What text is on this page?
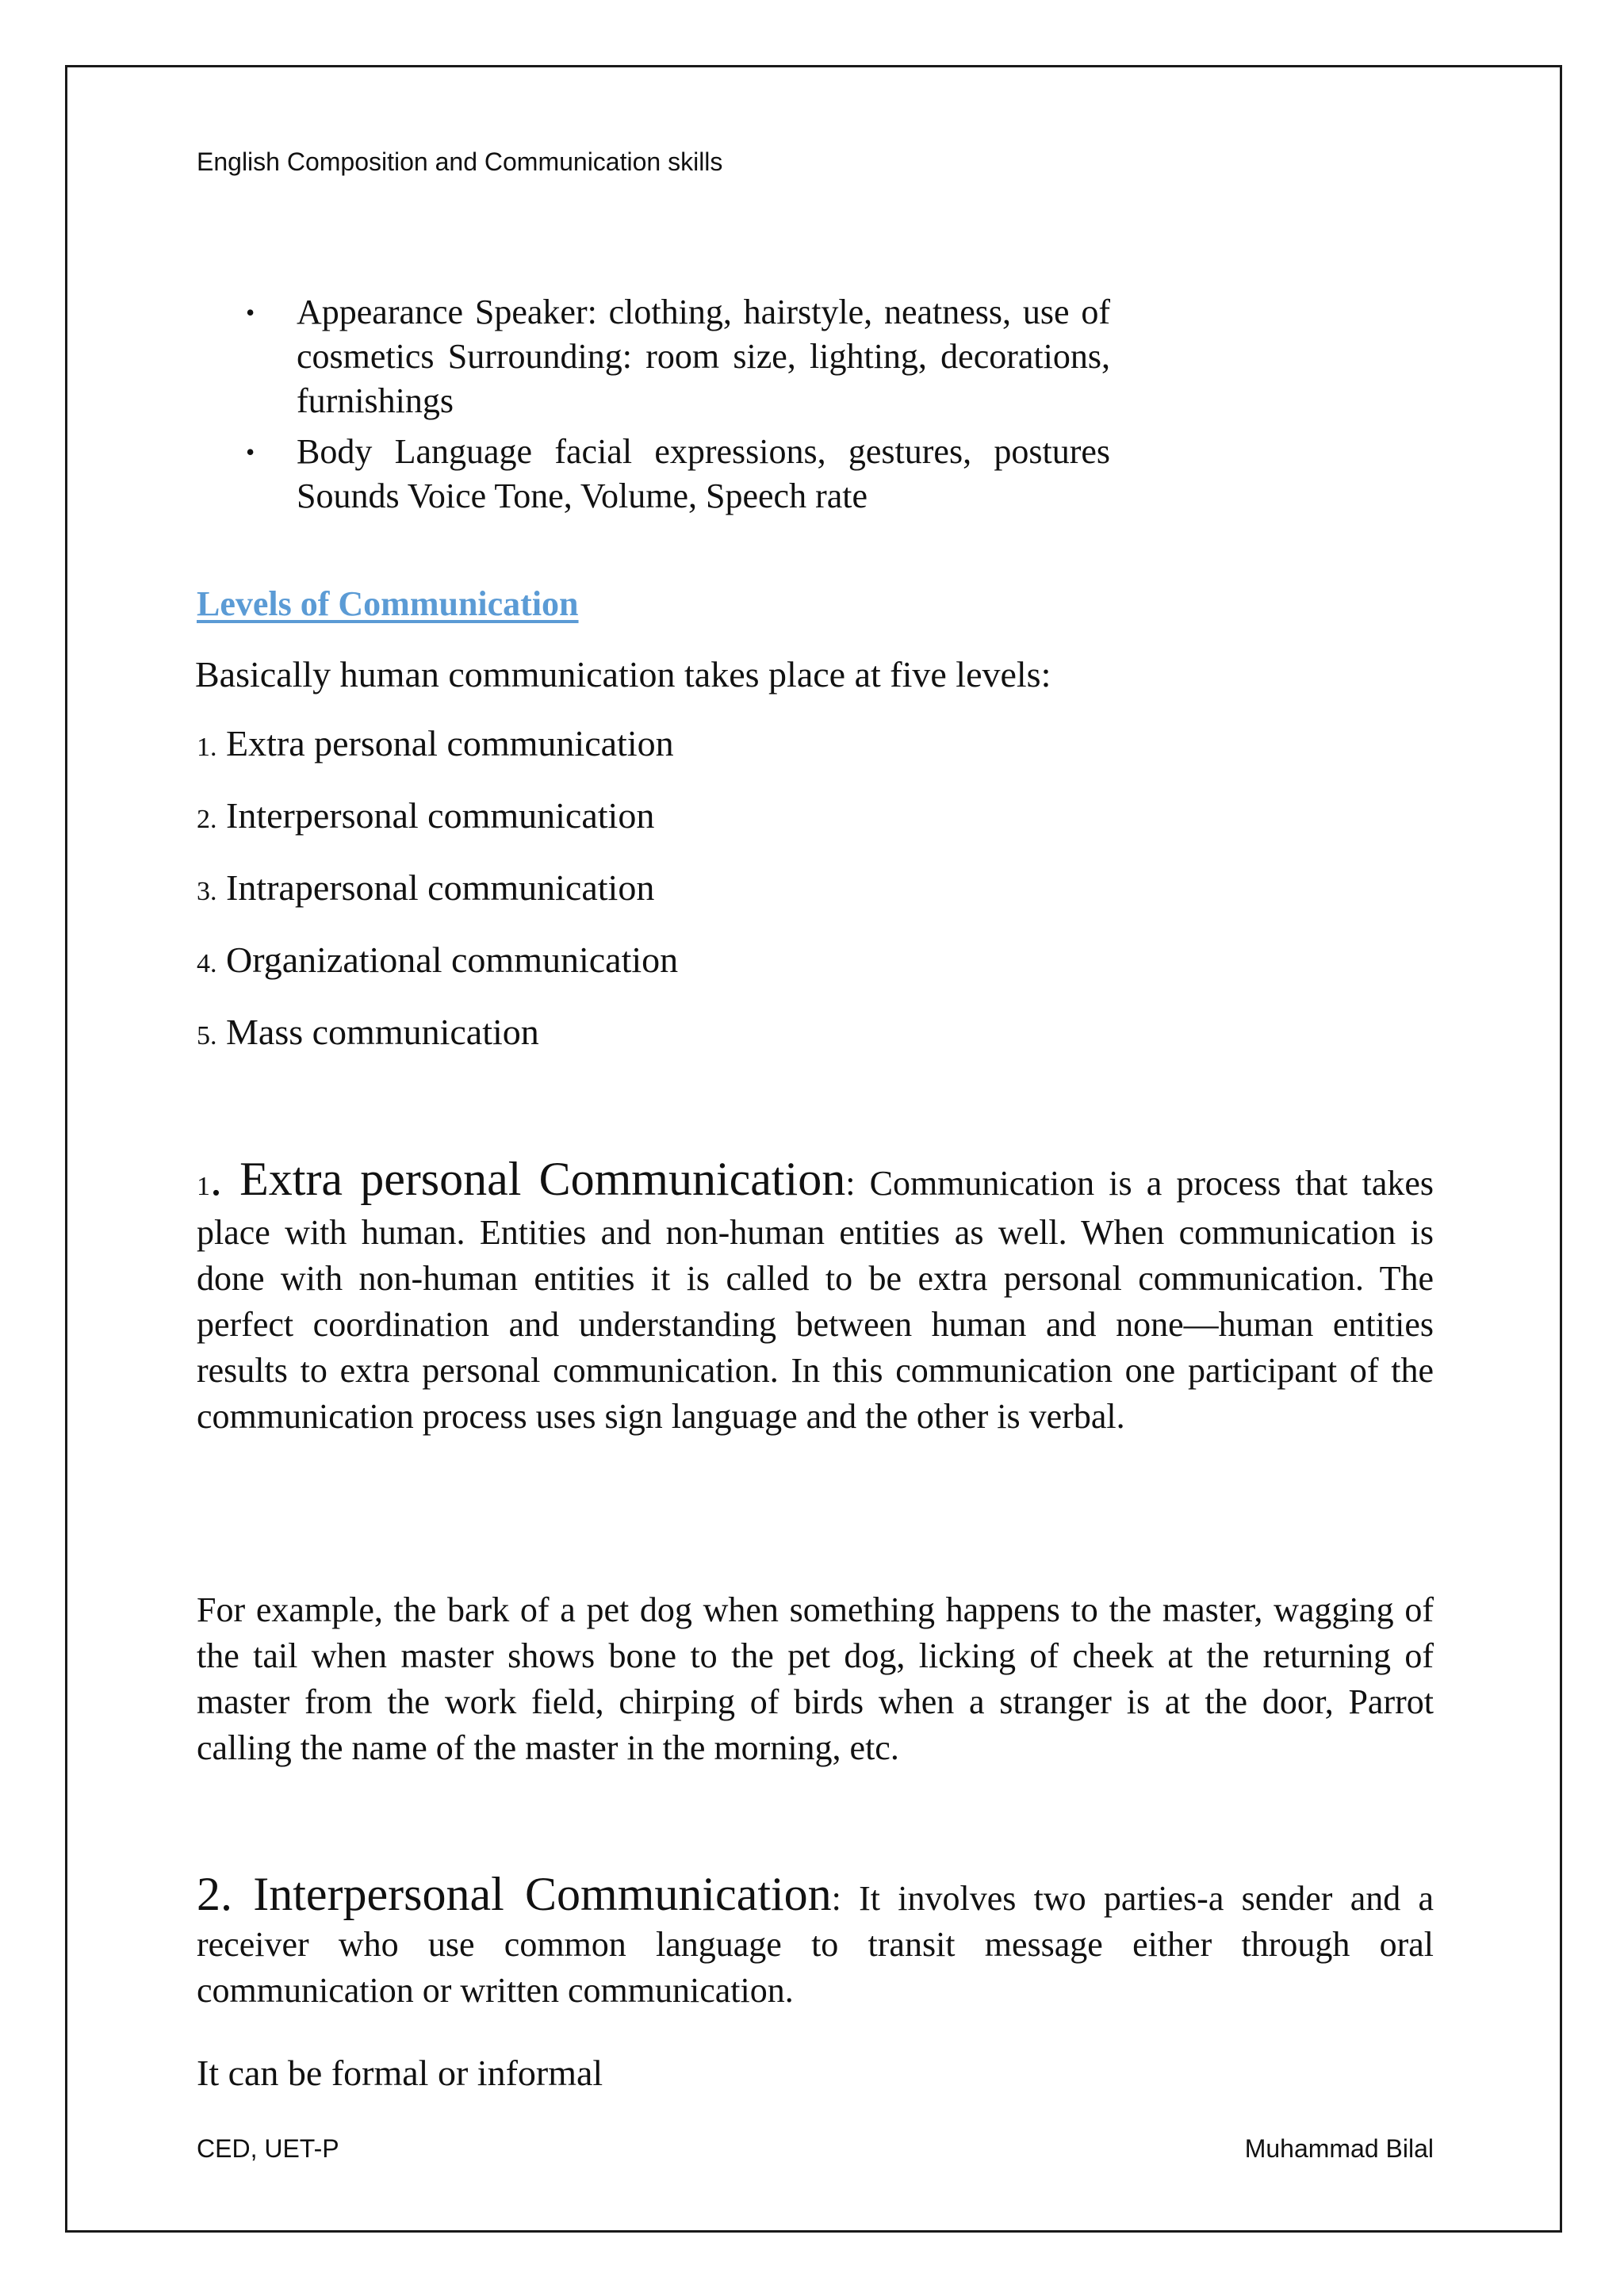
English Composition and Communication skills
• Appearance Speaker: clothing, hairstyle, neatness, use of cosmetics Surrounding: room size, lighting, decorations, furnishings
• Body Language facial expressions, gestures, postures Sounds Voice Tone, Volume, Speech rate
Levels of Communication
Basically human communication takes place at five levels:
1. Extra personal communication
2. Interpersonal communication
3. Intrapersonal communication
4. Organizational communication
5. Mass communication

1. Extra personal Communication: Communication is a process that takes place with human. Entities and non-human entities as well. When communication is done with non-human entities it is called to be extra personal communication. The perfect coordination and understanding between human and none—human entities results to extra personal communication. In this communication one participant of the communication process uses sign language and the other is verbal.

For example, the bark of a pet dog when something happens to the master, wagging of the tail when master shows bone to the pet dog, licking of cheek at the returning of master from the work field, chirping of birds when a stranger is at the door, Parrot calling the name of the master in the morning, etc.

2. Interpersonal Communication: It involves two parties-a sender and a receiver who use common language to transit message either through oral communication or written communication.

It can be formal or informal

CED, UET-P	Muhammad Bilal
